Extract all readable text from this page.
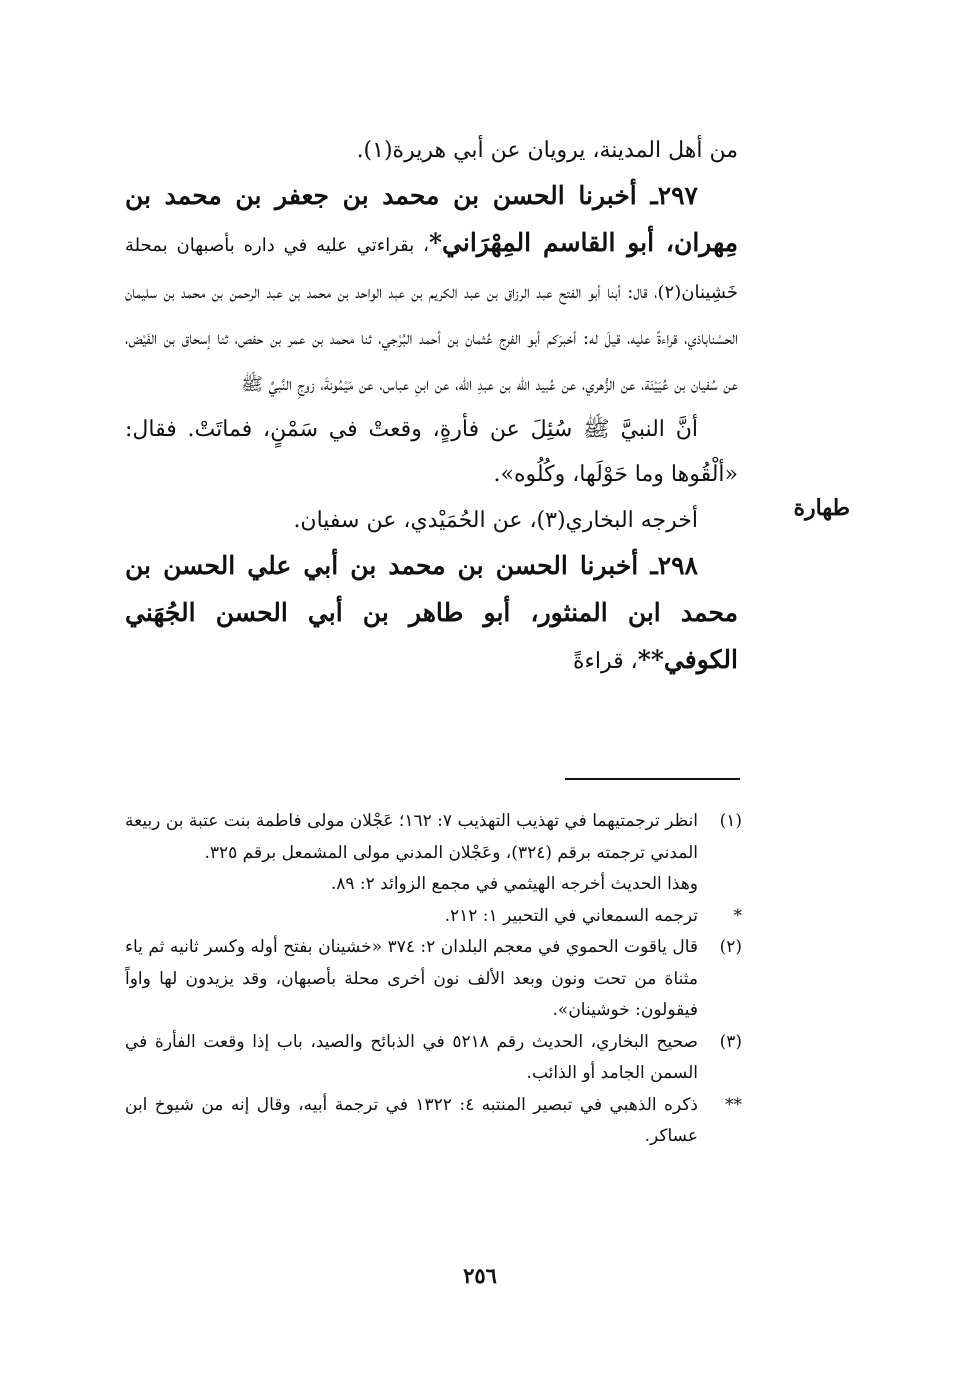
من أهل المدينة، يرويان عن أبي هريرة(١).

٢٩٧ـ أخبرنا الحسن بن محمد بن جعفر بن محمد بن مِهران، أبو القاسم المِهْرَاني*، بقراءتي عليه في داره بأصبهان بمحلة خَشِينان(٢)، قال: أبنا أبو الفتح عبد الرزاق بن عبد الكريم بن عبد الواحد بن محمد بن عبد الرحمن بن محمد بن سليمان الحسْناباذي، قراءةً عليه، قيلَ له: أخبرَكم أبو الفرج عُثمان بن أحمد البُرْجي، ثنا محمد بن عمر بن حفص، ثنا إسحاق بن الفَيْض، عن سُفيان بن عُيَيْنَة، عن الزُّهري، عن عُبيد الله بن عبدِ الله، عن ابنِ عباس، عن مَيْمُونةَ، زوجِ النَّبيِّ ﷺ

أنَّ النبيَّ ﷺ سُئِلَ عن فأرةٍ، وقعتْ في سَمْنٍ، فماتَتْ. فقال: «ألْقُوها وما حَوْلَها، وكُلُوه».

أخرجه البخاري(٣)، عن الحُمَيْدي، عن سفيان.

٢٩٨ـ أخبرنا الحسن بن محمد بن أبي علي الحسن بن محمد ابن المنثور، أبو طاهر بن أبي الحسن الجُهَني الكوفي**، قراءةً

طهارة
(١)
انظر ترجمتيهما في تهذيب التهذيب ٧: ١٦٢؛ عَجْلان مولى فاطمة بنت عتبة بن ربيعة المدني ترجمته برقم (٣٢٤)، وعَجْلان المدني مولى المشمعل برقم ٣٢٥.
وهذا الحديث أخرجه الهيثمي في مجمع الزوائد ٢: ٨٩.
*
ترجمه السمعاني في التحبير ١: ٢١٢.
(٢)
قال ياقوت الحموي في معجم البلدان ٢: ٣٧٤ «خشينان بفتح أوله وكسر ثانيه ثم ياء مثناة من تحت ونون وبعد الألف نون أخرى محلة بأصبهان، وقد يزيدون لها واواً فيقولون: خوشينان».
(٣)
صحيح البخاري، الحديث رقم ٥٢١٨ في الذبائح والصيد، باب إذا وقعت الفأرة في السمن الجامد أو الذائب.
**
ذكره الذهبي في تبصير المنتبه ٤: ١٣٢٢ في ترجمة أبيه، وقال إنه من شيوخ ابن عساكر.
٢٥٦
